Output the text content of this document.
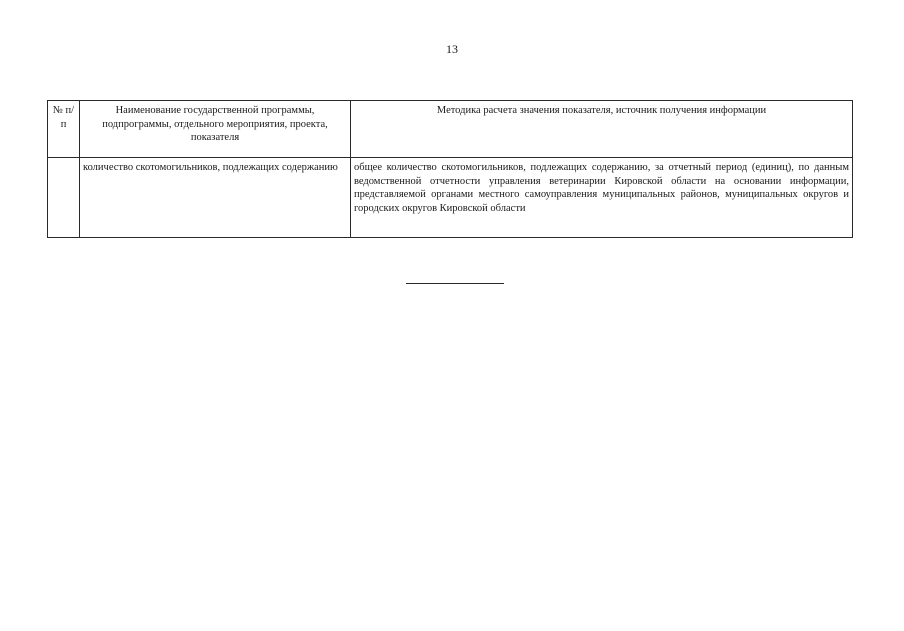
13
№ п/п	Наименование государственной программы, подпрограммы, отдельного мероприятия, проекта, показателя	Методика расчета значения показателя, источник получения информации
	количество скотомогильников, подлежащих содержанию	общее количество скотомогильников, подлежащих содержанию, за отчетный период (единиц), по данным ведомственной отчетности управления ветеринарии Кировской области на основании информации, представляемой органами местного самоуправления муниципальных районов, муниципальных округов и городских округов Кировской области
